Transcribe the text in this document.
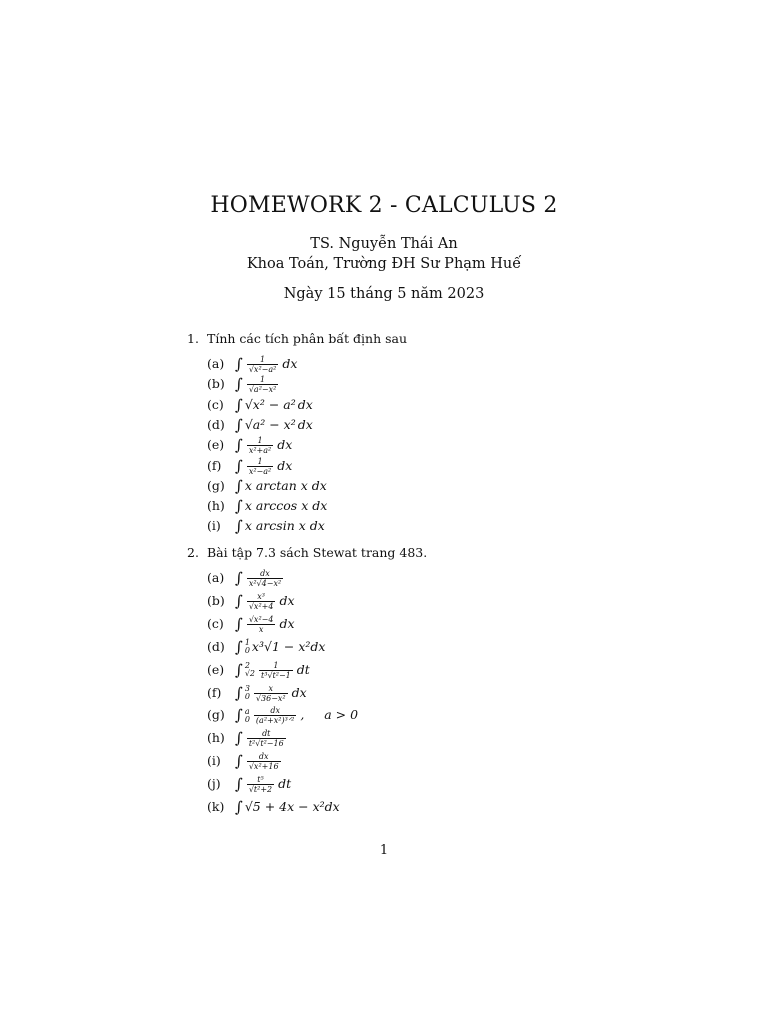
HOMEWORK 2 - CALCULUS 2
TS. Nguyễn Thái An
Khoa Toán, Trường ĐH Sư Phạm Huế
Ngày 15 tháng 5 năm 2023
1. Tính các tích phân bất định sau
(a) ∫ $\frac{1}{\text{√x²−a²}}$ dx
(b) ∫ $\frac{1}{\text{√a²−x²}}$
(c) ∫ √x² − a² dx
(d) ∫ √a² − x² dx
(e) ∫ $\frac{1}{\text{x²+a²}}$ dx
(f) ∫ $\frac{1}{\text{x²−a²}}$ dx
(g) ∫ x arctan x dx
(h) ∫ x arccos x dx
(i) ∫ x arcsin x dx
2. Bài tập 7.3 sách Stewat trang 483.
(a) ∫ $\frac{dx}{\text{x²√4−x²}}$
(b) ∫ $\frac{\text{x³}}{\text{√x²+4}}$ dx
(c) ∫ $\frac{\text{√x²−4}}{x}$ dx
(d) ∫ 1
0 x³√1 − x²dx
(e) ∫ 2
$√2 \frac{1}{\text{t³√t²−1}}$ dt
(f) ∫ 3
$0 \frac{x}{\text{√36−x²}}$ dx
(g) ∫ a
$0 \frac{dx}{\text{(a²+x²)³ᐟ²}}$ ,     a > 0
(h) ∫ $\frac{dt}{\text{t²√t²−16}}$
(i) ∫ $\frac{dx}{\text{√x²+16}}$
(j) ∫ $\frac{\text{t⁵}}{\text{√t²+2}}$ dt
(k) ∫ √5 + 4x − x²dx
1
